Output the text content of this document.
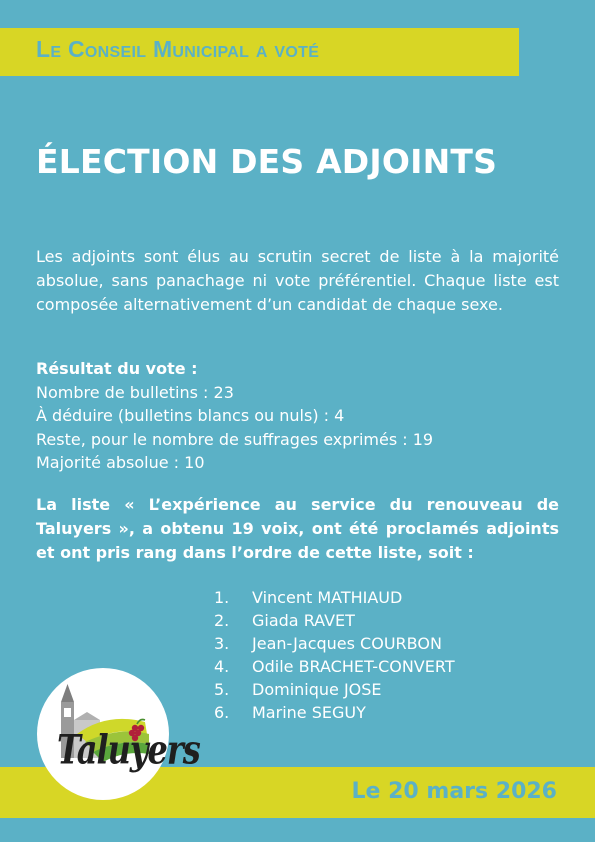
Le Conseil Municipal a voté
ÉLECTION DES ADJOINTS
Les adjoints sont élus au scrutin secret de liste à la majorité absolue, sans panachage ni vote préférentiel. Chaque liste est composée alternativement d’un candidat de chaque sexe.
Résultat du vote :
Nombre de bulletins : 23
À déduire (bulletins blancs ou nuls) : 4
Reste, pour le nombre de suffrages exprimés : 19
Majorité absolue : 10
La liste « L’expérience au service du renouveau de Taluyers », a obtenu 19 voix, ont été proclamés adjoints et ont pris rang dans l’ordre de cette liste, soit :
1.	Vincent MATHIAUD
2.	Giada RAVET
3.	Jean-Jacques COURBON
4.	Odile BRACHET-CONVERT
5.	Dominique JOSE
6.	Marine SEGUY
Le 20 mars 2026
Taluyers
